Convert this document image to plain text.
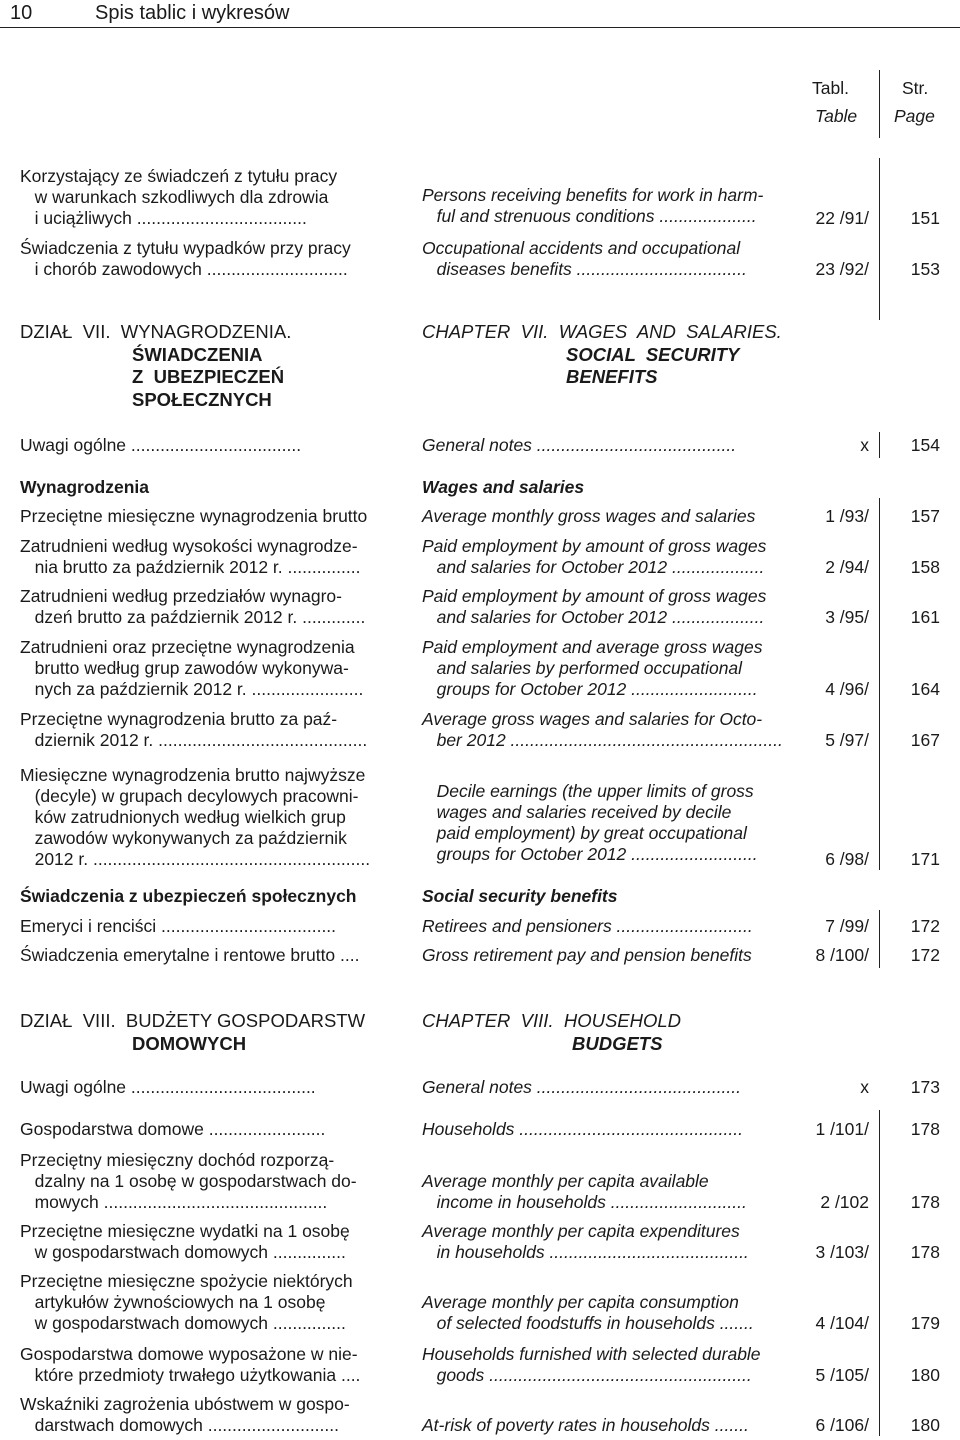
10	Spis tablic i wykresów
Tabl.	Str.
Table Page
Korzystający ze świadczeń z tytułu pracy
w warunkach szkodliwych dla zdrowia
i uciążliwych ...................................
Persons receiving benefits for work in harm-
ful and strenuous conditions ....................	22 /91/ 151
Świadczenia z tytułu wypadków przy pracy
i chorób zawodowych .............................
Occupational accidents and occupational
diseases benefits ...................................	23 /92/ 153
DZIAŁ  VII.  WYNAGRODZENIA.
ŚWIADCZENIA
Z  UBEZPIECZEŃ
SPOŁECZNYCH
CHAPTER  VII.  WAGES  AND  SALARIES.
SOCIAL  SECURITY
BENEFITS
Uwagi ogólne ...................................	General notes .........................................	x 154
Wynagrodzenia	Wages and salaries
Przeciętne miesięczne wynagrodzenia brutto	Average monthly gross wages and salaries	1 /93/ 157
Zatrudnieni według wysokości wynagrodze-
nia brutto za październik 2012 r. ...............
Paid employment by amount of gross wages
and salaries for October 2012 ...................	2 /94/ 158
Zatrudnieni według przedziałów wynagro-
dzeń brutto za październik 2012 r. .............
Paid employment by amount of gross wages
and salaries for October 2012 ...................	3 /95/ 161
Zatrudnieni oraz przeciętne wynagrodzenia
brutto według grup zawodów wykonywa-
nych za październik 2012 r. .......................
Paid employment and average gross wages
and salaries by performed occupational
groups for October 2012 ..........................	4 /96/ 164
Przeciętne wynagrodzenia brutto za paź-
dziernik 2012 r. ...........................................
Average gross wages and salaries for Octo-
ber 2012 ........................................................ 5 /97/ 167
Miesięczne wynagrodzenia brutto najwyższe
(decyle) w grupach decylowych pracowni-
ków zatrudnionych według wielkich grup
zawodów wykonywanych za październik
2012 r. .........................................................
Decile earnings (the upper limits of gross
wages and salaries received by decile
paid employment) by great occupational
groups for October 2012 ..........................	6 /98/ 171
Świadczenia z ubezpieczeń społecznych	Social security benefits
Emeryci i renciści ....................................	Retirees and pensioners ............................	7 /99/ 172
Świadczenia emerytalne i rentowe brutto ....	Gross retirement pay and pension benefits	8 /100/ 172
DZIAŁ  VIII.  BUDŻETY GOSPODARSTW
DOMOWYCH
CHAPTER  VIII.  HOUSEHOLD
BUDGETS
Uwagi ogólne ......................................	General notes ..........................................	x 173
Gospodarstwa domowe ........................	Households ..............................................	1 /101/ 178
Przeciętny miesięczny dochód rozporzą-
dzalny na 1 osobę w gospodarstwach do-
mowych ..............................................
Average monthly per capita available
income in households ............................	2 /102 178
Przeciętne miesięczne wydatki na 1 osobę
w gospodarstwach domowych ...............
Average monthly per capita expenditures
in households .........................................	3 /103/ 178
Przeciętne miesięczne spożycie niektórych
artykułów żywnościowych na 1 osobę
w gospodarstwach domowych ...............
Average monthly per capita consumption
of selected foodstuffs in households .......	4 /104/ 179
Gospodarstwa domowe wyposażone w nie-
które przedmioty trwałego użytkowania ....
Households furnished with selected durable
goods ......................................................	5 /105/ 180
Wskaźniki zagrożenia ubóstwem w gospo-
darstwach domowych ...........................	At-risk of poverty rates in households .......	6 /106/ 180
